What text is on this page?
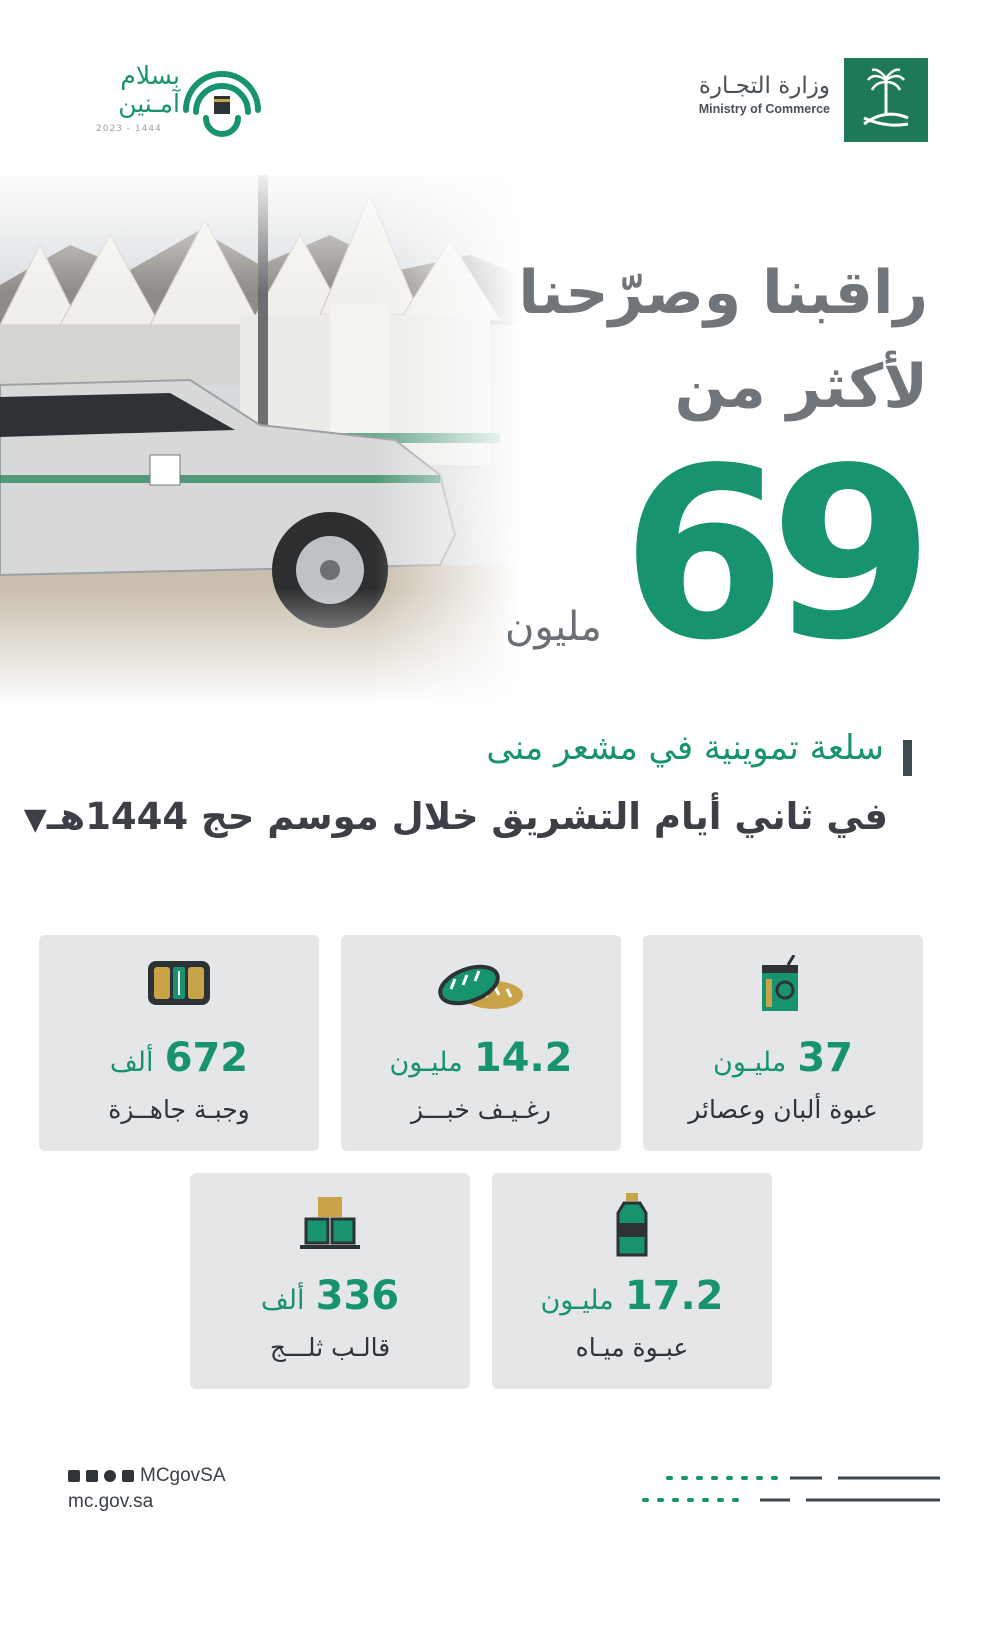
بسلام
آمـنين
2023 - 1444
وزارة التجـارة
Ministry of Commerce
راقبنا وصرّحنا
لأكثر من
69
مليون
سلعة تموينية في مشعر منى
في ثاني أيام التشريق خلال موسم حج 1444هـ▼
37 مليـون
عبوة ألبان وعصائر
14.2 مليـون
رغـيـف خبـــز
672 ألف
وجبـة جاهــزة
17.2 مليـون
عبـوة ميـاه
336 ألف
قالـب ثلـــج
MCgovSA
mc.gov.sa
